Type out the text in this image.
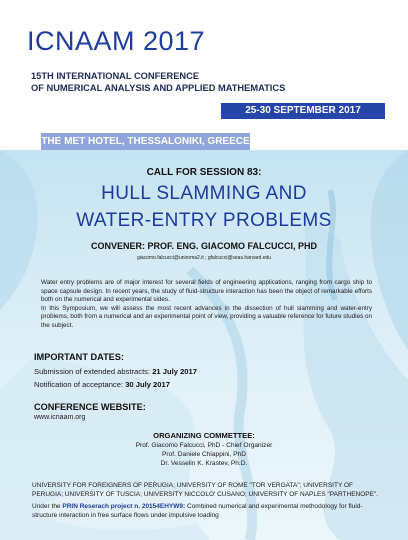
ICNAAM 2017
15TH INTERNATIONAL CONFERENCE
OF NUMERICAL ANALYSIS AND APPLIED MATHEMATICS
25-30 SEPTEMBER 2017
THE MET HOTEL, THESSALONIKI, GREECE
CALL FOR SESSION 83:
HULL SLAMMING AND
WATER-ENTRY PROBLEMS
CONVENER: PROF. ENG. GIACOMO FALCUCCI, PHD
giacomo.falcucci@uniroma2.it ; gfalcucci@seas.harvard.edu

Water entry problems are of major interest for several fields of engineering applications, ranging from cargo ship to space capsule design. In recent years, the study of fluid-structure interaction has been the object of remarkable efforts both on the numerical and experimental sides.

In this Symposium, we will assess the most recent advances in the dissection of hull slamming and water-entry problems, both from a numerical and an experimental point of view, providing a valuable reference for future studies on the subject.

IMPORTANT DATES:
Submission of extended abstracts: 21 July 2017
Notification of acceptance: 30 July 2017
CONFERENCE WEBSITE:
www.icnaam.org
ORGANIZING COMMETTEE:
Prof. Giacomo Falcucci, PhD - Chief Organizer
Prof. Daniele Chiappini, PhD
Dr. Vesselin K. Krastev, Ph.D.
UNIVERSITY FOR FOREIGNERS OF PERUGIA; UNIVERSITY OF ROME "TOR VERGATA"; UNIVERSITY OF PERUGIA; UNIVERSITY OF TUSCIA; UNIVERSITY NICCOLO' CUSANO; UNIVERSITY OF NAPLES "PARTHENOPE".
Under the PRIN Reserach project n. 20154EHYW9: Combined numerical and experimental methodology for fluid-structure interaction in free surface flows under impulsive loading
